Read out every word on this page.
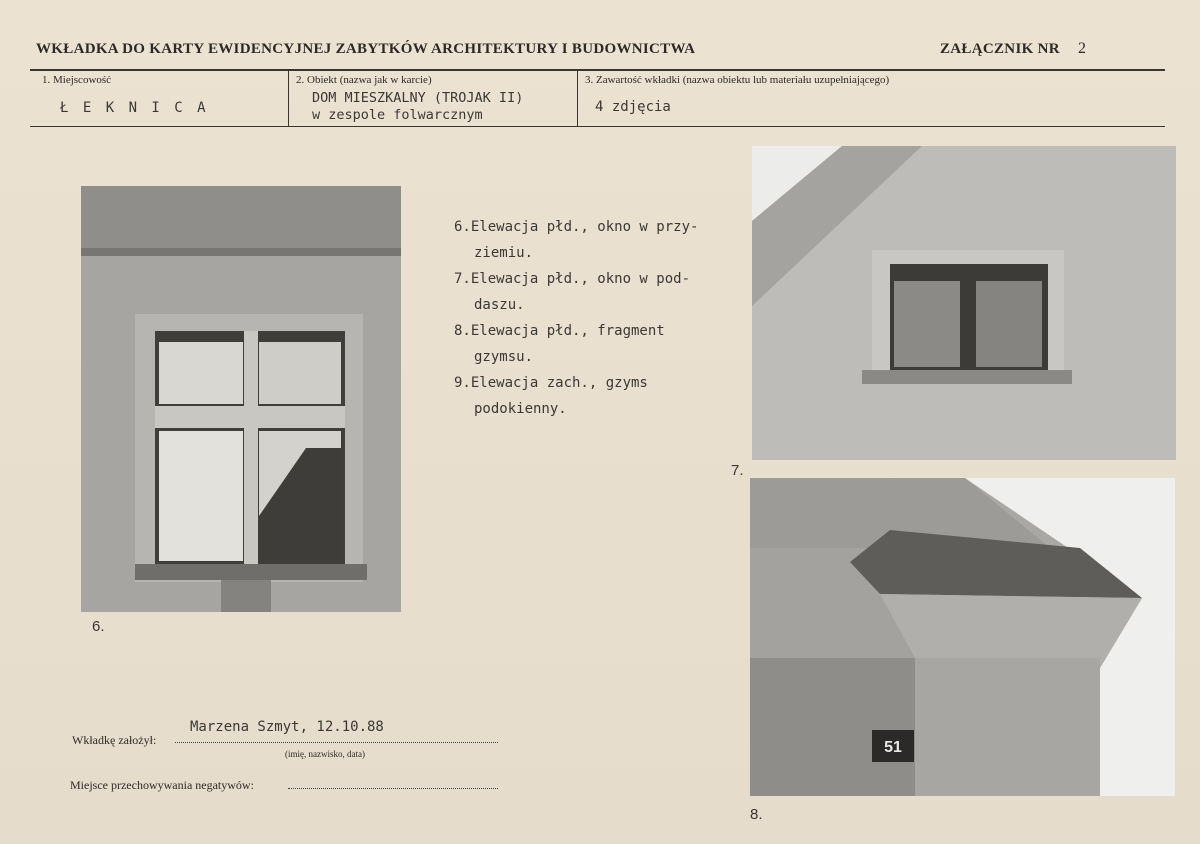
WKŁADKA DO KARTY EWIDENCYJNEJ ZABYTKÓW ARCHITEKTURY I BUDOWNICTWA	ZAŁĄCZNIK NR 2
1. Miejscowość
Ł E K N I C A
2. Obiekt (nazwa jak w karcie)
DOM MIESZKALNY (TROJAK II)
w zespole folwarcznym
3. Zawartość wkładki (nazwa obiektu lub materiału uzupełniającego)
4 zdjęcia
6.
6.Elewacja płd., okno w przy-
ziemiu.
7.Elewacja płd., okno w pod-
daszu.
8.Elewacja płd., fragment
gzymsu.
9.Elewacja zach., gzyms
podokienny.
7.
51
8.
Wkładkę założył:
Marzena Szmyt, 12.10.88
(imię, nazwisko, data)
Miejsce przechowywania negatywów:
